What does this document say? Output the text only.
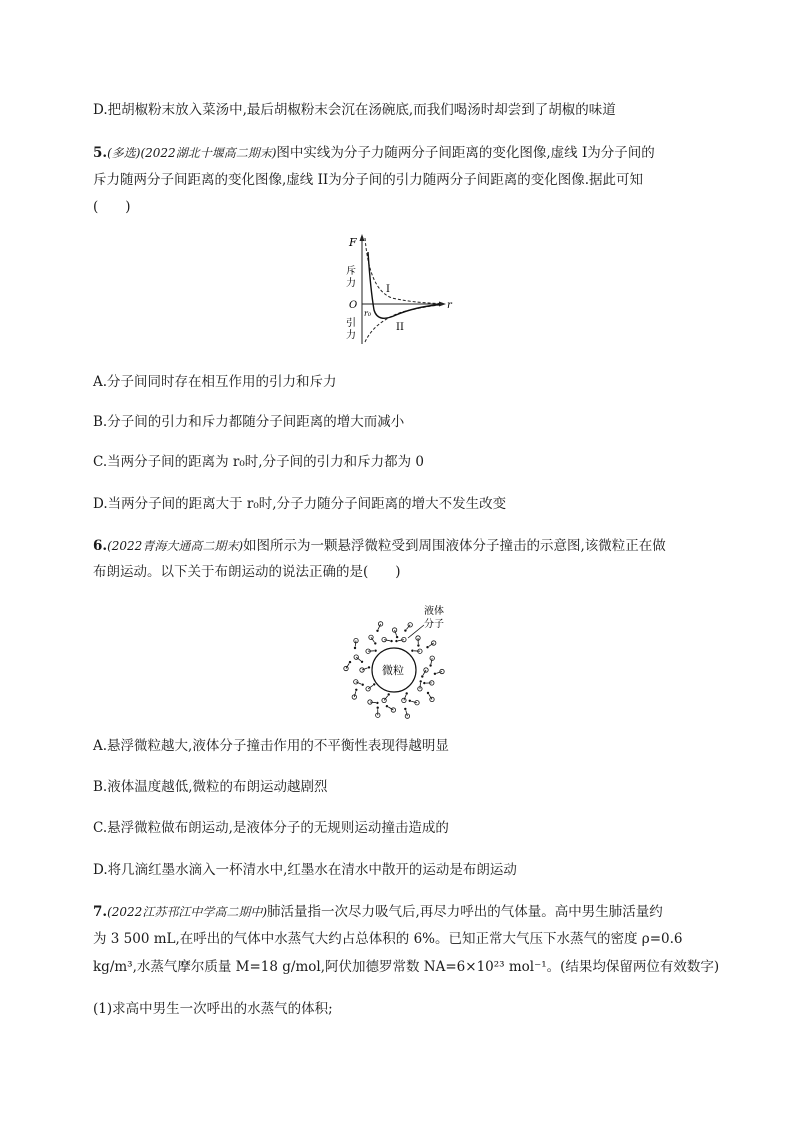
D.把胡椒粉末放入菜汤中,最后胡椒粉末会沉在汤碗底,而我们喝汤时却尝到了胡椒的味道
5.(多选)(2022湖北十堰高二期末)图中实线为分子力随两分子间距离的变化图像,虚线 I为分子间的
斥力随两分子间距离的变化图像,虚线 II为分子间的引力随两分子间距离的变化图像.据此可知
(　　)
F
斥
力
O
r₀
引
力
I
II
r
A.分子间同时存在相互作用的引力和斥力
B.分子间的引力和斥力都随分子间距离的增大而减小
C.当两分子间的距离为 r₀时,分子间的引力和斥力都为 0
D.当两分子间的距离大于 r₀时,分子力随分子间距离的增大不发生改变
6.(2022青海大通高二期末)如图所示为一颗悬浮微粒受到周围液体分子撞击的示意图,该微粒正在做
布朗运动。以下关于布朗运动的说法正确的是(　　)
微粒
液体
分子
A.悬浮微粒越大,液体分子撞击作用的不平衡性表现得越明显
B.液体温度越低,微粒的布朗运动越剧烈
C.悬浮微粒做布朗运动,是液体分子的无规则运动撞击造成的
D.将几滴红墨水滴入一杯清水中,红墨水在清水中散开的运动是布朗运动
7.(2022江苏邗江中学高二期中)肺活量指一次尽力吸气后,再尽力呼出的气体量。高中男生肺活量约
为 3 500 mL,在呼出的气体中水蒸气大约占总体积的 6%。已知正常大气压下水蒸气的密度 ρ=0.6
kg/m³,水蒸气摩尔质量 M=18 g/mol,阿伏加德罗常数 NA=6×10²³ mol⁻¹。(结果均保留两位有效数字)
(1)求高中男生一次呼出的水蒸气的体积;
